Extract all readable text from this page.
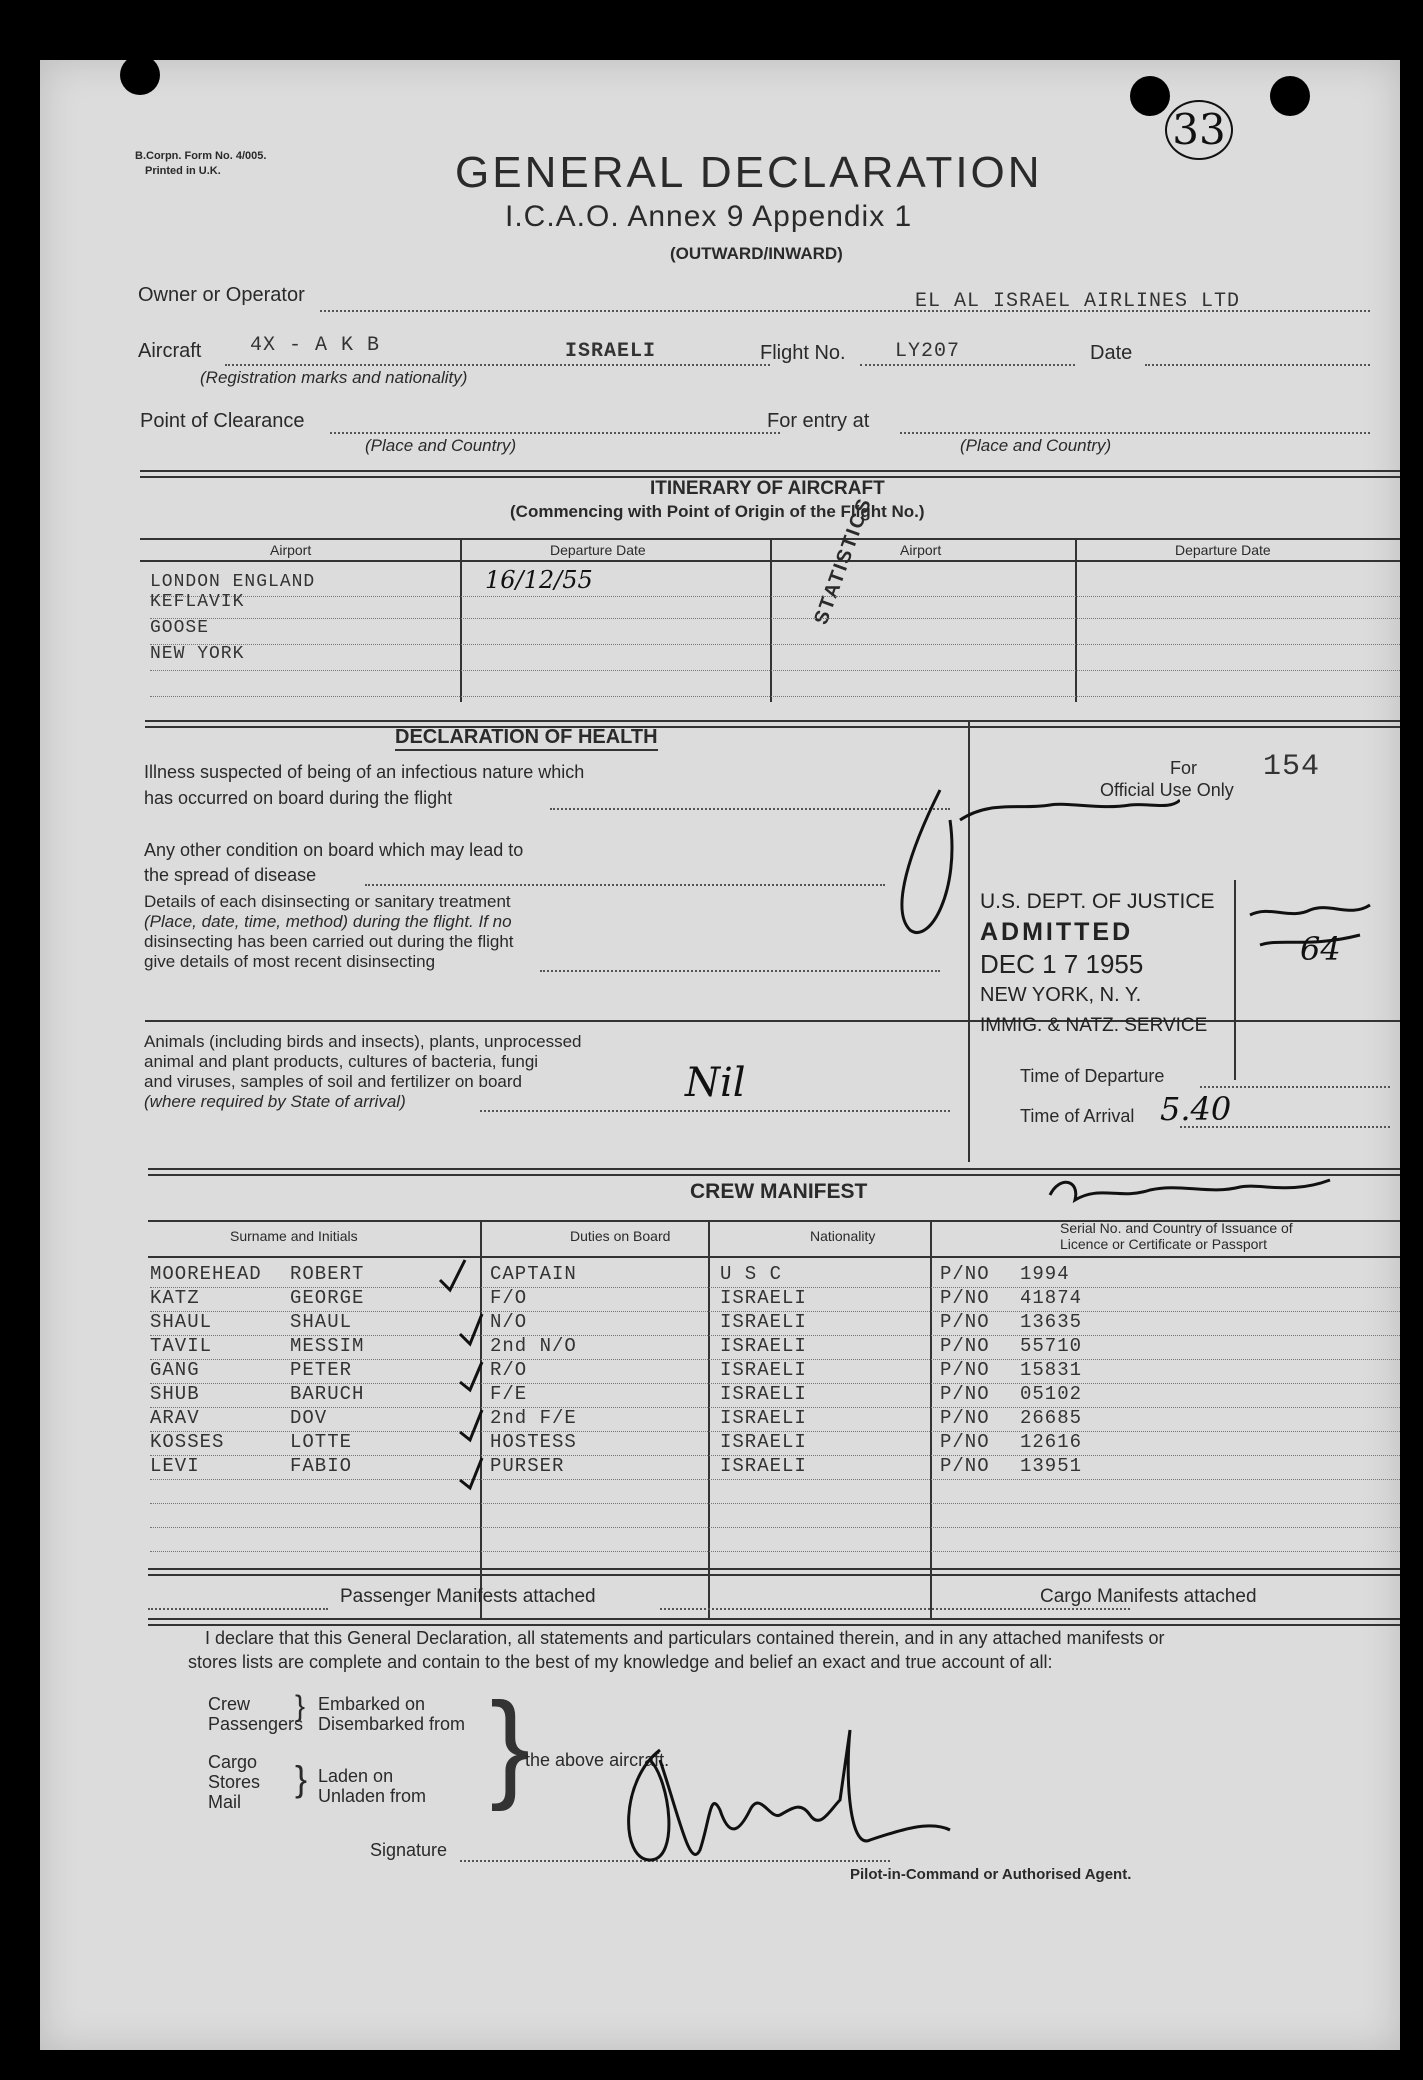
B.Corpn. Form No. 4/005.
Printed in U.K.
33
GENERAL DECLARATION
I.C.A.O. Annex 9 Appendix 1
(OUTWARD/INWARD)
Owner or Operator	EL AL ISRAEL AIRLINES LTD
Aircraft 4X - A K B	ISRAELI
(Registration marks and nationality)
Flight No. LY207	Date
Point of Clearance
(Place and Country)
For entry at
(Place and Country)
ITINERARY OF AIRCRAFT
(Commencing with Point of Origin of the Flight No.)
Airport	Departure Date	Airport	Departure Date
STATISTICS
LONDON ENGLAND	16/12/55
KEFLAVIK
GOOSE
NEW YORK
DECLARATION OF HEALTH
Illness suspected of being of an infectious nature which
has occurred on board during the flight
Any other condition on board which may lead to
the spread of disease
Details of each disinsecting or sanitary treatment
(Place, date, time, method) during the flight. If no
disinsecting has been carried out during the flight
give details of most recent disinsecting
Animals (including birds and insects), plants, unprocessed
animal and plant products, cultures of bacteria, fungi
and viruses, samples of soil and fertilizer on board
(where required by State of arrival)	Nil
For
Official Use Only
154
U.S. DEPT. OF JUSTICE
ADMITTED
DEC 1 7 1955
NEW YORK, N. Y.
IMMIG. & NATZ. SERVICE
64
Time of Departure
Time of Arrival 5.40
CREW MANIFEST
Surname and Initials	Duties on Board	Nationality	Serial No. and Country of Issuance of
Licence or Certificate or Passport
MOOREHEAD ROBERT	CAPTAIN	U S C	P/NO 1994
KATZ	GEORGE	F/O	ISRAELI	P/NO 41874
SHAUL	SHAUL	N/O	ISRAELI	P/NO 13635
TAVIL	MESSIM	2nd N/O	ISRAELI	P/NO 55710
GANG	PETER	R/O	ISRAELI	P/NO 15831
SHUB	BARUCH	F/E	ISRAELI	P/NO 05102
ARAV	DOV	2nd F/E	ISRAELI	P/NO 26685
KOSSES	LOTTE	HOSTESS	ISRAELI	P/NO 12616
LEVI	FABIO	PURSER	ISRAELI	P/NO 13951
Passenger Manifests attached	Cargo Manifests attached
I declare that this General Declaration, all statements and particulars contained therein, and in any attached manifests or
stores lists are complete and contain to the best of my knowledge and belief an exact and true account of all:
Crew
Passengers
} Embarked on
Disembarked from
Cargo
Stores
Mail
} Laden on
Unladen from }
the above aircraft.
Signature
Pilot-in-Command or Authorised Agent.
